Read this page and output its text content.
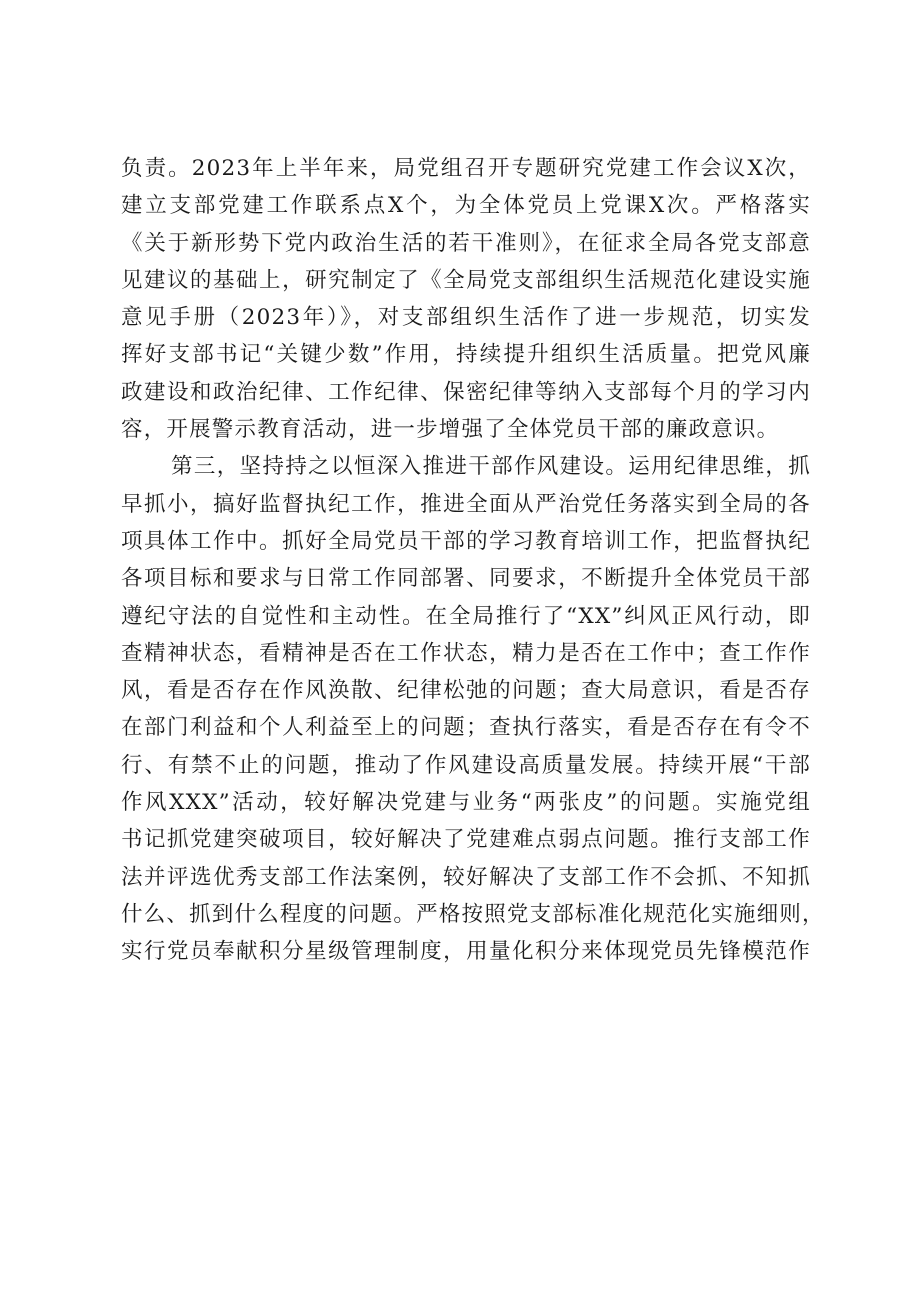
负责。2023年上半年来，局党组召开专题研究党建工作会议X次，
建立支部党建工作联系点X个，为全体党员上党课X次。严格落实
《关于新形势下党内政治生活的若干准则》，在征求全局各党支部意
见建议的基础上，研究制定了《全局党支部组织生活规范化建设实施
意见手册（2023年）》，对支部组织生活作了进一步规范，切实发
挥好支部书记“关键少数”作用，持续提升组织生活质量。把党风廉
政建设和政治纪律、工作纪律、保密纪律等纳入支部每个月的学习内
容，开展警示教育活动，进一步增强了全体党员干部的廉政意识。
第三，坚持持之以恒深入推进干部作风建设。运用纪律思维，抓
早抓小，搞好监督执纪工作，推进全面从严治党任务落实到全局的各
项具体工作中。抓好全局党员干部的学习教育培训工作，把监督执纪
各项目标和要求与日常工作同部署、同要求，不断提升全体党员干部
遵纪守法的自觉性和主动性。在全局推行了“XX”纠风正风行动，即
查精神状态，看精神是否在工作状态，精力是否在工作中；查工作作
风，看是否存在作风涣散、纪律松弛的问题；查大局意识，看是否存
在部门利益和个人利益至上的问题；查执行落实，看是否存在有令不
行、有禁不止的问题，推动了作风建设高质量发展。持续开展“干部
作风XXX”活动，较好解决党建与业务“两张皮”的问题。实施党组
书记抓党建突破项目，较好解决了党建难点弱点问题。推行支部工作
法并评选优秀支部工作法案例，较好解决了支部工作不会抓、不知抓
什么、抓到什么程度的问题。严格按照党支部标准化规范化实施细则，
实行党员奉献积分星级管理制度，用量化积分来体现党员先锋模范作
